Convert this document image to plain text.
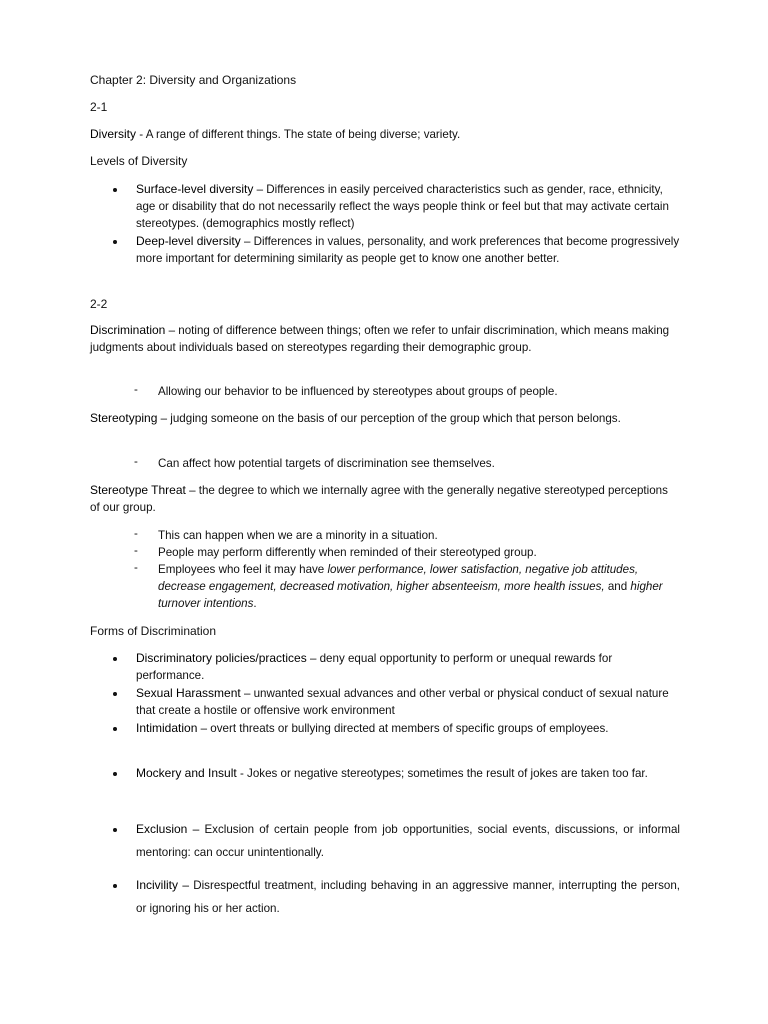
Chapter 2: Diversity and Organizations
2-1
Diversity - A range of different things. The state of being diverse; variety.
Levels of Diversity
Surface-level diversity – Differences in easily perceived characteristics such as gender, race, ethnicity, age or disability that do not necessarily reflect the ways people think or feel but that may activate certain stereotypes. (demographics mostly reflect)
Deep-level diversity – Differences in values, personality, and work preferences that become progressively more important for determining similarity as people get to know one another better.
2-2
Discrimination – noting of difference between things; often we refer to unfair discrimination, which means making judgments about individuals based on stereotypes regarding their demographic group.
- Allowing our behavior to be influenced by stereotypes about groups of people.
Stereotyping – judging someone on the basis of our perception of the group which that person belongs.
- Can affect how potential targets of discrimination see themselves.
Stereotype Threat – the degree to which we internally agree with the generally negative stereotyped perceptions of our group.
- This can happen when we are a minority in a situation.
- People may perform differently when reminded of their stereotyped group.
- Employees who feel it may have lower performance, lower satisfaction, negative job attitudes, decrease engagement, decreased motivation, higher absenteeism, more health issues, and higher turnover intentions.
Forms of Discrimination
Discriminatory policies/practices – deny equal opportunity to perform or unequal rewards for performance.
Sexual Harassment – unwanted sexual advances and other verbal or physical conduct of sexual nature that create a hostile or offensive work environment
Intimidation – overt threats or bullying directed at members of specific groups of employees.
Mockery and Insult - Jokes or negative stereotypes; sometimes the result of jokes are taken too far.
Exclusion – Exclusion of certain people from job opportunities, social events, discussions, or informal mentoring: can occur unintentionally.
Incivility – Disrespectful treatment, including behaving in an aggressive manner, interrupting the person, or ignoring his or her action.
